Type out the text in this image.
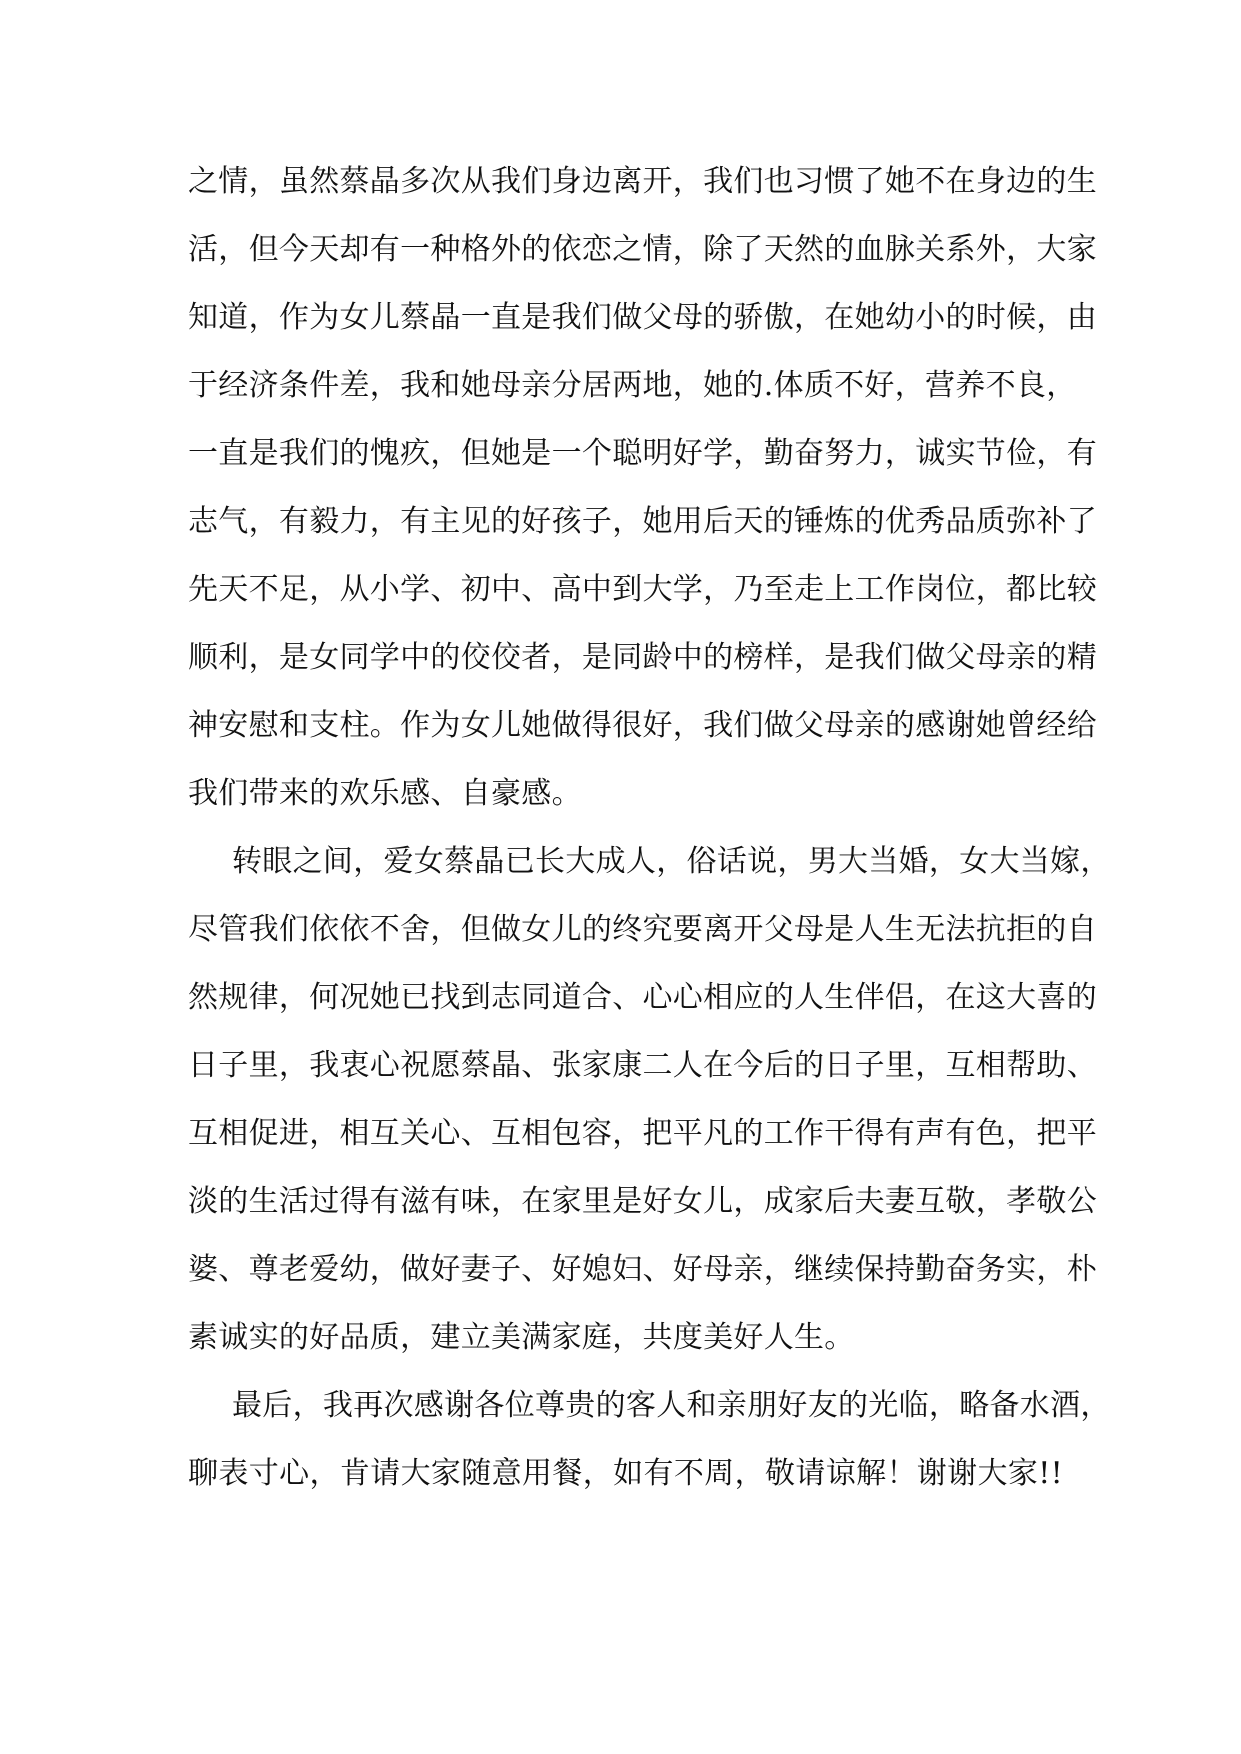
之情，虽然蔡晶多次从我们身边离开，我们也习惯了她不在身边的生
活，但今天却有一种格外的依恋之情，除了天然的血脉关系外，大家
知道，作为女儿蔡晶一直是我们做父母的骄傲，在她幼小的时候，由
于经济条件差，我和她母亲分居两地，她的.体质不好，营养不良，
一直是我们的愧疚，但她是一个聪明好学，勤奋努力，诚实节俭，有
志气，有毅力，有主见的好孩子，她用后天的锤炼的优秀品质弥补了
先天不足，从小学、初中、高中到大学，乃至走上工作岗位，都比较
顺利，是女同学中的佼佼者，是同龄中的榜样，是我们做父母亲的精
神安慰和支柱。作为女儿她做得很好，我们做父母亲的感谢她曾经给
我们带来的欢乐感、自豪感。
转眼之间，爱女蔡晶已长大成人，俗话说，男大当婚，女大当嫁，
尽管我们依依不舍，但做女儿的终究要离开父母是人生无法抗拒的自
然规律，何况她已找到志同道合、心心相应的人生伴侣，在这大喜的
日子里，我衷心祝愿蔡晶、张家康二人在今后的日子里，互相帮助、
互相促进，相互关心、互相包容，把平凡的工作干得有声有色，把平
淡的生活过得有滋有味，在家里是好女儿，成家后夫妻互敬，孝敬公
婆、尊老爱幼，做好妻子、好媳妇、好母亲，继续保持勤奋务实，朴
素诚实的好品质，建立美满家庭，共度美好人生。
最后，我再次感谢各位尊贵的客人和亲朋好友的光临，略备水酒，
聊表寸心，肯请大家随意用餐，如有不周，敬请谅解！谢谢大家!!
